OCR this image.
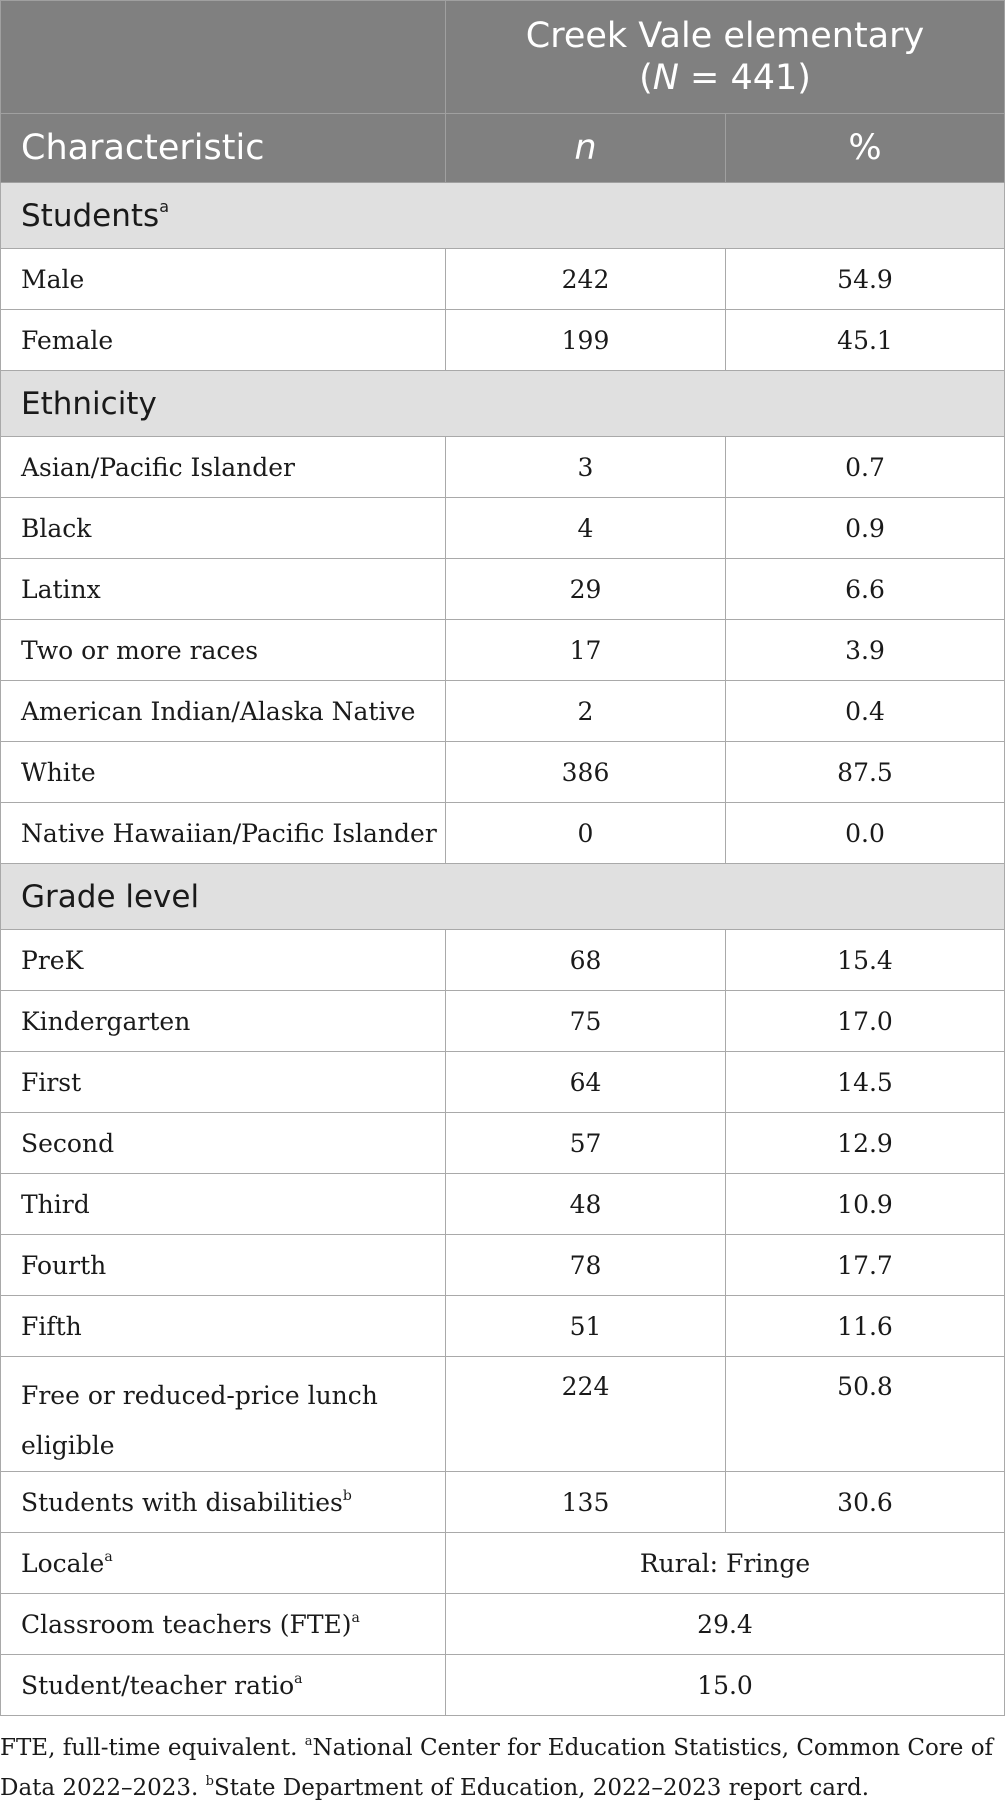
	Creek Vale elementary
(N = 441)	
Characteristic	n	%
Students$^a$
Male	242	54.9
Female	199	45.1
Ethnicity		
Asian/Pacific Islander	3	0.7
Black	4	0.9
Latinx	29	6.6
Two or more races	17	3.9
American Indian/Alaska Native	2	0.4
White	386	87.5
Native Hawaiian/Pacific Islander	0	0.0
Grade level		
PreK	68	15.4
Kindergarten	75	17.0
First	64	14.5
Second	57	12.9
Third	48	10.9
Fourth	78	17.7
Fifth	51	11.6
Free or reduced-price lunch
eligible	224	50.8
Students with disabilities$^b$	135	30.6
Locale$^a$	Rural: Fringe	
Classroom teachers (FTE)$^a$	29.4	
Student/teacher ratio$^a$	15.0	

FTE, full-time equivalent. $^a$National Center for Education Statistics, Common Core of Data 2022–2023. $^b$State Department of Education, 2022–2023 report card.
